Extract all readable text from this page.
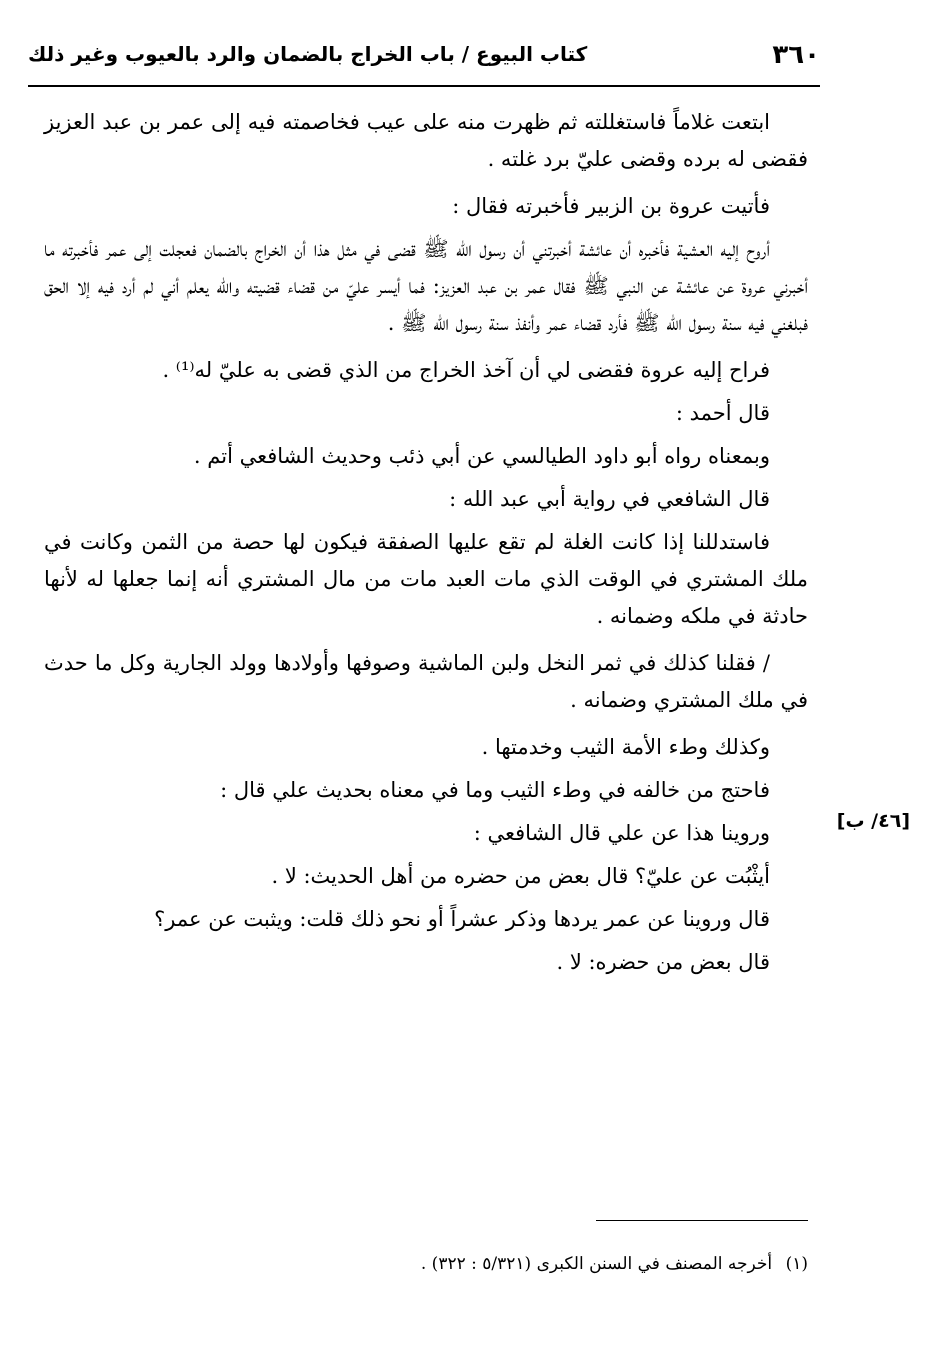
٣٦٠
كتاب البيوع / باب الخراج بالضمان والرد بالعيوب وغير ذلك
[٤٦/ ب]

ابتعت غلاماً فاستغللته ثم ظهرت منه على عيب فخاصمته فيه إلى عمر بن عبد العزيز فقضى له برده وقضى عليّ برد غلته .

فأتيت عروة بن الزبير فأخبرته فقال :

أروح إليه العشية فأخبره أن عائشة أخبرتني أن رسول الله ﷺ قضى في مثل هذا أن الخراج بالضمان فعجلت إلى عمر فأخبرته ما أخبرني عروة عن عائشة عن النبي ﷺ فقال عمر بن عبد العزيز: فما أيسر عليّ من قضاء قضيته والله يعلم أني لم أرد فيه إلا الحق فبلغني فيه سنة رسول الله ﷺ فأرد قضاء عمر وأنفذ سنة رسول الله ﷺ .

فراح إليه عروة فقضى لي أن آخذ الخراج من الذي قضى به عليّ له⁽¹⁾ .

قال أحمد :

وبمعناه رواه أبو داود الطيالسي عن أبي ذئب وحديث الشافعي أتم .

قال الشافعي في رواية أبي عبد الله :

فاستدللنا إذا كانت الغلة لم تقع عليها الصفقة فيكون لها حصة من الثمن وكانت في ملك المشتري في الوقت الذي مات العبد مات من مال المشتري أنه إنما جعلها له لأنها حادثة في ملكه وضمانه .

/ فقلنا كذلك في ثمر النخل ولبن الماشية وصوفها وأولادها وولد الجارية وكل ما حدث في ملك المشتري وضمانه .

وكذلك وطء الأمة الثيب وخدمتها .

فاحتج من خالفه في وطء الثيب وما في معناه بحديث علي قال :

وروينا هذا عن علي قال الشافعي :

أيثْبُت عن عليّ؟ قال بعض من حضره من أهل الحديث: لا .

قال وروينا عن عمر يردها وذكر عشراً أو نحو ذلك قلت: ويثبت عن عمر؟

قال بعض من حضره: لا .

(١) أخرجه المصنف في السنن الكبرى (٥/٣٢١ : ٣٢٢) .
